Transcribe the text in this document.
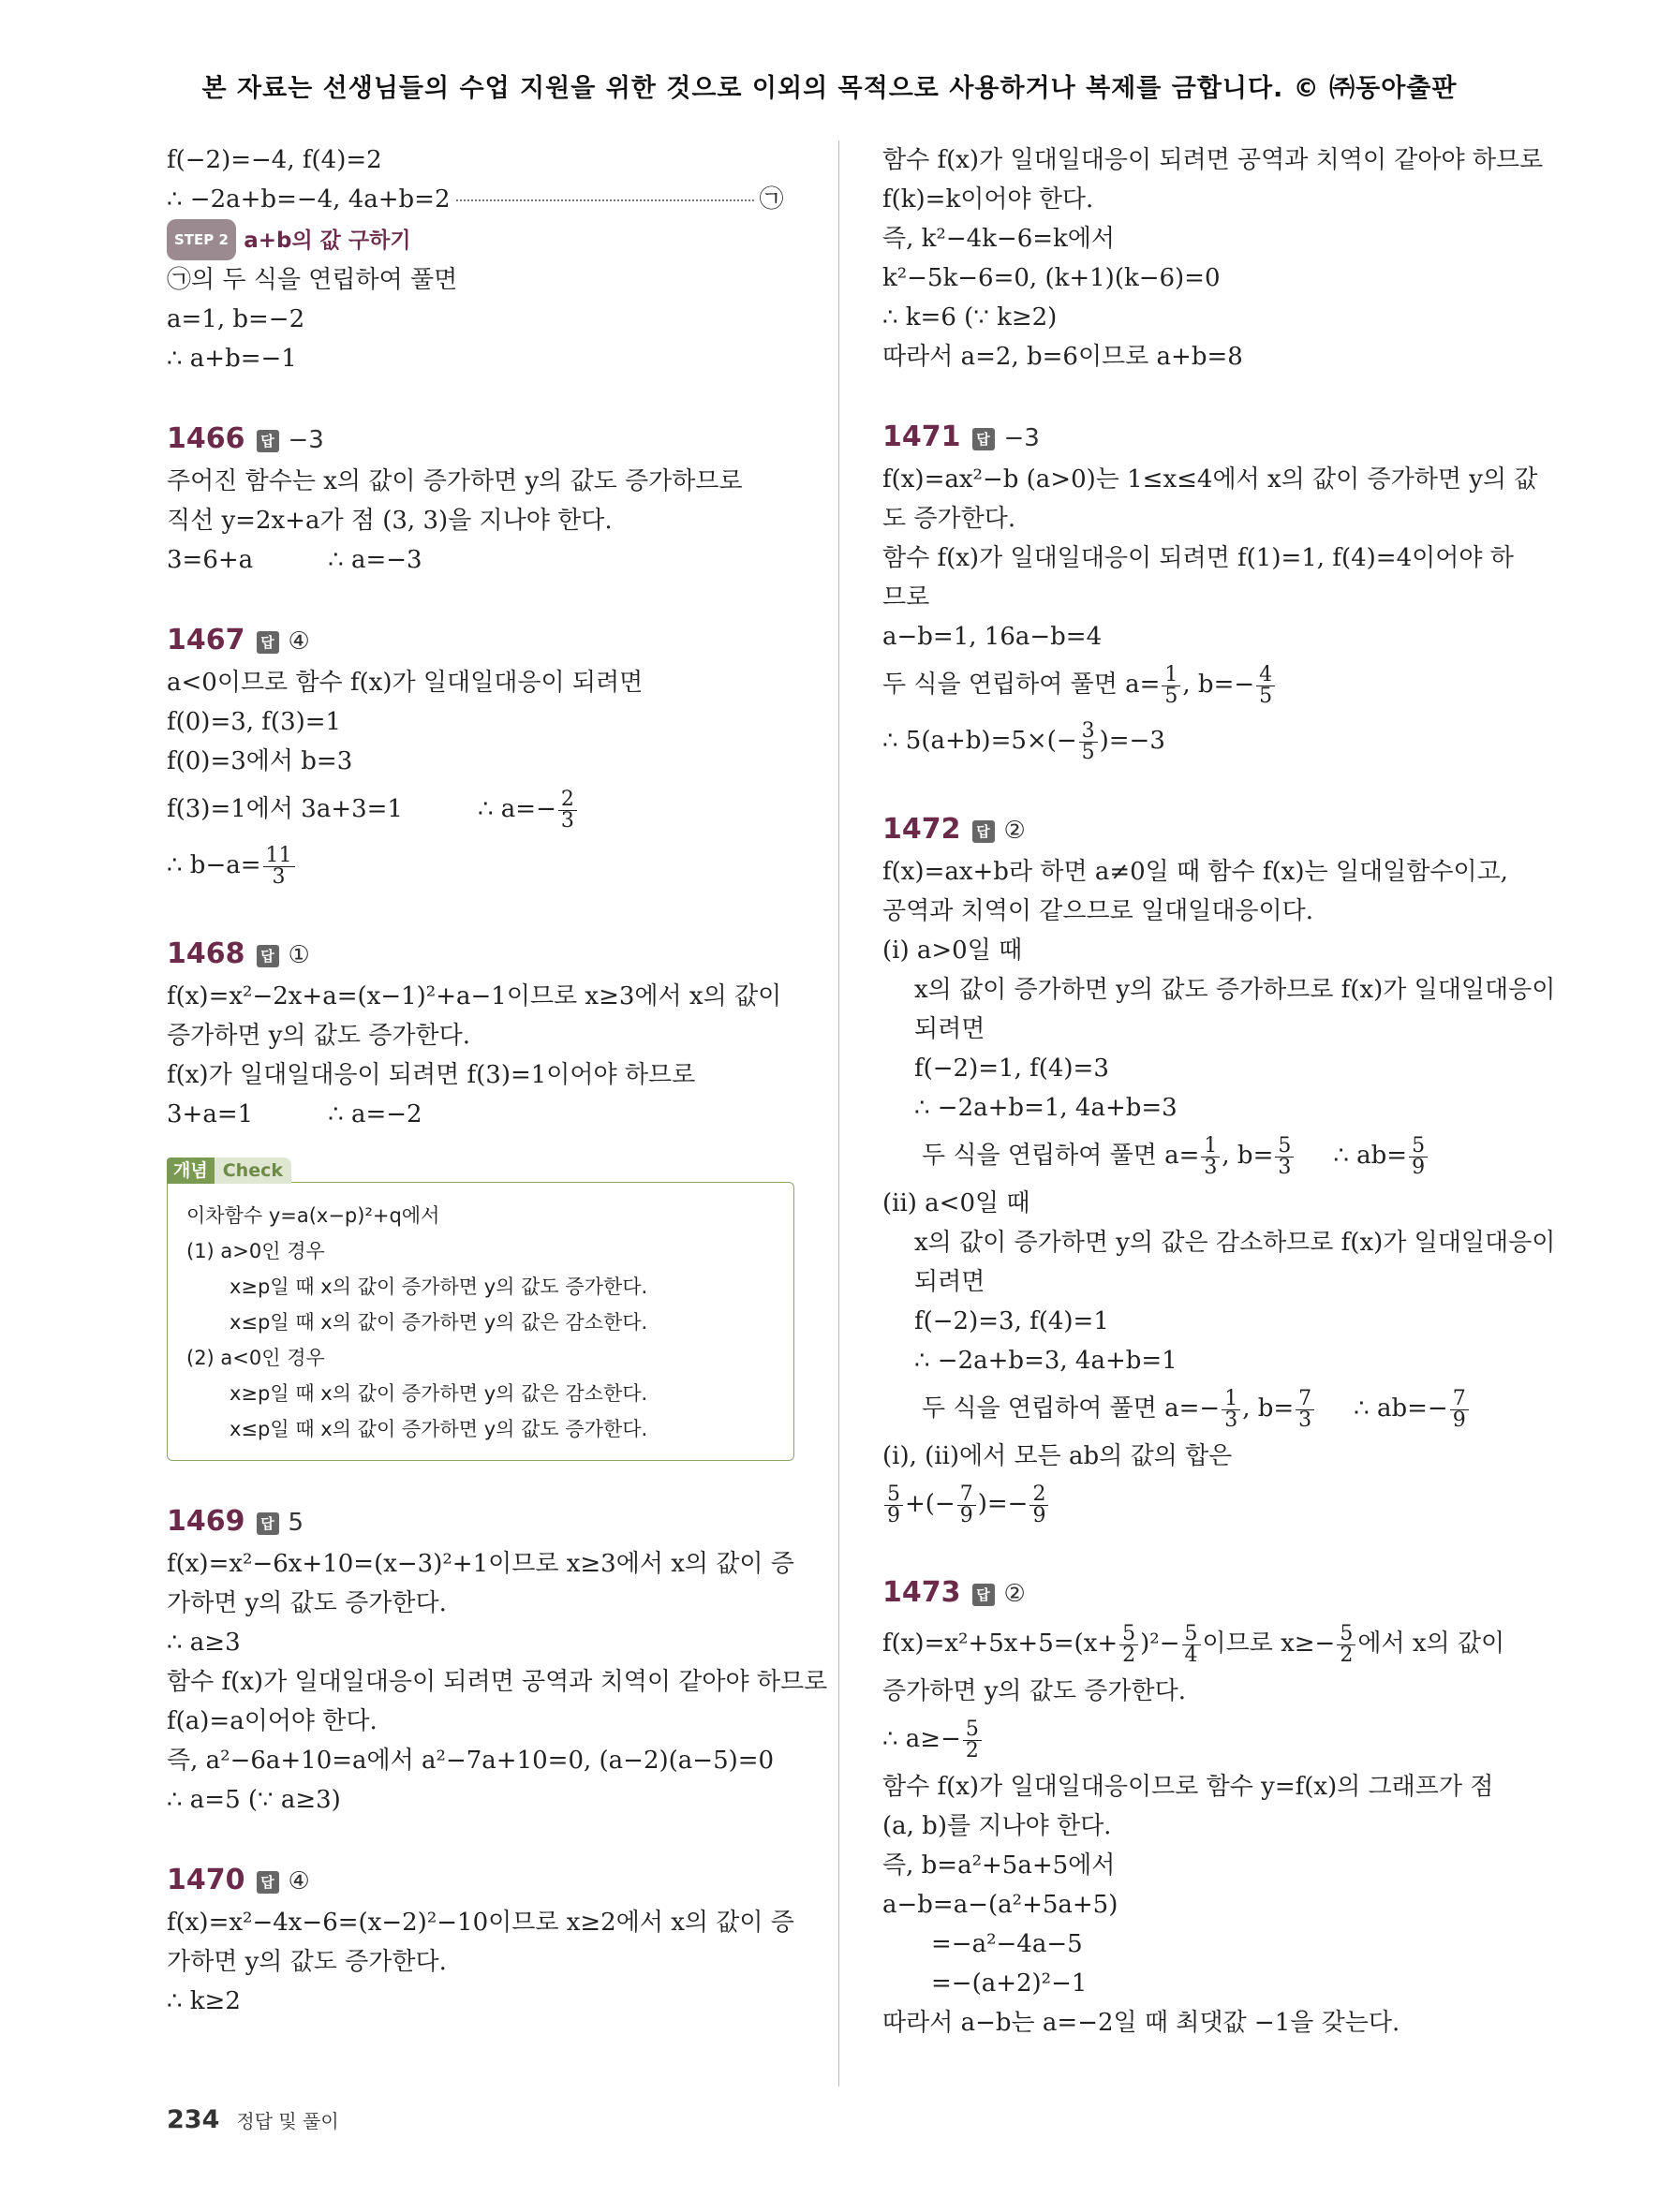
본 자료는 선생님들의 수업 지원을 위한 것으로 이외의 목적으로 사용하거나 복제를 금합니다. © ㈜동아출판
f(−2)=−4, f(4)=2
∴ −2a+b=−4, 4a+b=2	㉠
STEP 2 a+b의 값 구하기
㉠의 두 식을 연립하여 풀면
a=1, b=−2
∴ a+b=−1
1466 답 −3
주어진 함수는 x의 값이 증가하면 y의 값도 증가하므로
직선 y=2x+a가 점 (3, 3)을 지나야 한다.
3=6+a	∴ a=−3
1467 답 ④
a<0이므로 함수 f(x)가 일대일대응이 되려면
f(0)=3, f(3)=1
f(0)=3에서 b=3
f(3)=1에서 3a+3=1	∴ $a=- \frac{2}{3}$
∴ $b-a= \frac{11}{3}$
1468 답 ①
f(x)=x²−2x+a=(x−1)²+a−1이므로 x≥3에서 x의 값이
증가하면 y의 값도 증가한다.
f(x)가 일대일대응이 되려면 f(3)=1이어야 하므로
3+a=1	∴ a=−2
개념 Check
이차함수 y=a(x−p)²+q에서
(1) a>0인 경우
x≥p일 때 x의 값이 증가하면 y의 값도 증가한다.
x≤p일 때 x의 값이 증가하면 y의 값은 감소한다.
(2) a<0인 경우
x≥p일 때 x의 값이 증가하면 y의 값은 감소한다.
x≤p일 때 x의 값이 증가하면 y의 값도 증가한다.
1469 답 5
f(x)=x²−6x+10=(x−3)²+1이므로 x≥3에서 x의 값이 증
가하면 y의 값도 증가한다.
∴ a≥3
함수 f(x)가 일대일대응이 되려면 공역과 치역이 같아야 하므로
f(a)=a이어야 한다.
즉, a²−6a+10=a에서 a²−7a+10=0, (a−2)(a−5)=0
∴ a=5 (∵ a≥3)
1470 답 ④
f(x)=x²−4x−6=(x−2)²−10이므로 x≥2에서 x의 값이 증
가하면 y의 값도 증가한다.
∴ k≥2
함수 f(x)가 일대일대응이 되려면 공역과 치역이 같아야 하므로
f(k)=k이어야 한다.
즉, k²−4k−6=k에서
k²−5k−6=0, (k+1)(k−6)=0
∴ k=6 (∵ k≥2)
따라서 a=2, b=6이므로 a+b=8
1471 답 −3
f(x)=ax²−b (a>0)는 1≤x≤4에서 x의 값이 증가하면 y의 값
도 증가한다.
함수 f(x)가 일대일대응이 되려면 f(1)=1, f(4)=4이어야 하
므로
a−b=1, 16a−b=4
두 식을 연립하여 풀면 $a= \frac{1}{5}$ , $b=- \frac{4}{5}$
∴ $5(a+b)=5\times(- \frac{3}{5} )=-3$
1472 답 ②
f(x)=ax+b라 하면 a≠0일 때 함수 f(x)는 일대일함수이고,
공역과 치역이 같으므로 일대일대응이다.
(i) a>0일 때
x의 값이 증가하면 y의 값도 증가하므로 f(x)가 일대일대응이
되려면
f(−2)=1, f(4)=3
∴ −2a+b=1, 4a+b=3
두 식을 연립하여 풀면 $a= \frac{1}{3}$ , $b= \frac{5}{3}$ ∴ $ab= \frac{5}{9}$
(ii) a<0일 때
x의 값이 증가하면 y의 값은 감소하므로 f(x)가 일대일대응이
되려면
f(−2)=3, f(4)=1
∴ −2a+b=3, 4a+b=1
두 식을 연립하여 풀면 $a=- \frac{1}{3}$ , $b= \frac{7}{3}$ ∴ $ab=- \frac{7}{9}$
(i), (ii)에서 모든 ab의 값의 합은
$\frac{5}{9}$ +(− $\frac{7}{9}$ )=− $\frac{2}{9}$
1473 답 ②
$f(x)=x^2+5x+5=(x+ \frac{5}{2} )^2- \frac{5}{4}$ 이므로 $x\ge- \frac{5}{2}$ 에서 x의 값이
증가하면 y의 값도 증가한다.
∴ $a\ge- \frac{5}{2}$
함수 f(x)가 일대일대응이므로 함수 y=f(x)의 그래프가 점
(a, b)를 지나야 한다.
즉, b=a²+5a+5에서
a−b=a−(a²+5a+5)
=−a²−4a−5
=−(a+2)²−1
따라서 a−b는 a=−2일 때 최댓값 −1을 갖는다.
234 정답 및 풀이
